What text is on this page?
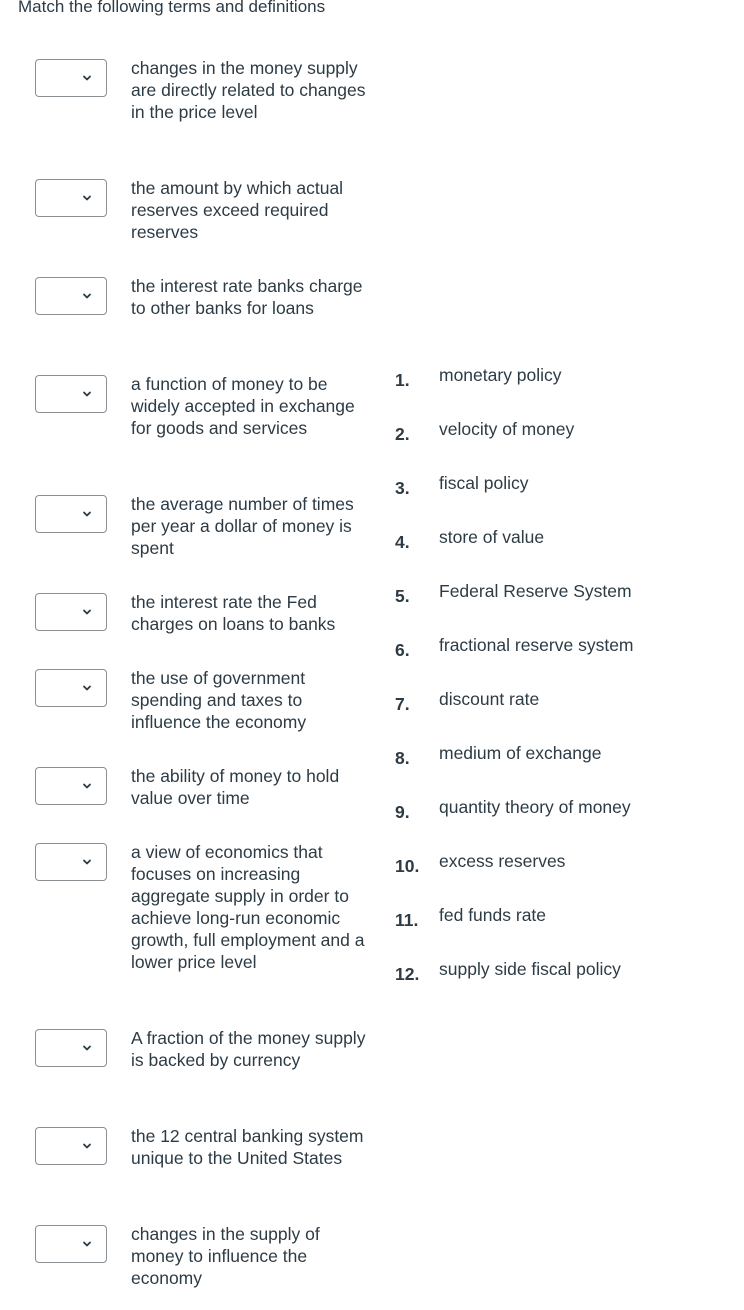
Match the following terms and definitions
changes in the money supply are directly related to changes in the price level
the amount by which actual reserves exceed required reserves
the interest rate banks charge to other banks for loans
a function of money to be widely accepted in exchange for goods and services
the average number of times per year a dollar of money is spent
the interest rate the Fed charges on loans to banks
the use of government spending and taxes to influence the economy
the ability of money to hold value over time
a view of economics that focuses on increasing aggregate supply in order to achieve long-run economic growth, full employment and a lower price level
A fraction of the money supply is backed by currency
the 12 central banking system unique to the United States
changes in the supply of money to influence the economy
1. monetary policy
2. velocity of money
3. fiscal policy
4. store of value
5. Federal Reserve System
6. fractional reserve system
7. discount rate
8. medium of exchange
9. quantity theory of money
10. excess reserves
11. fed funds rate
12. supply side fiscal policy
